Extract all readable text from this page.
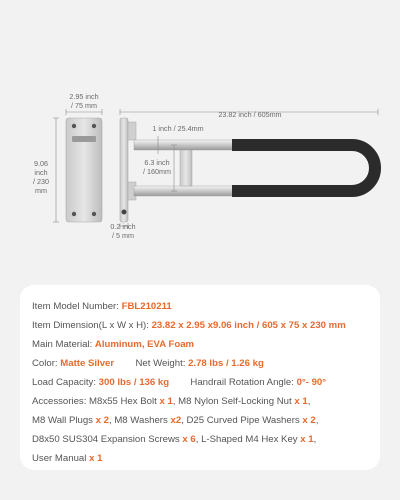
2.95 inch
/ 75 mm
9.06 inch
/ 230 mm
23.82 inch / 605mm
1 inch / 25.4mm
6.3 inch
/ 160mm
0.2 inch
/ 5 mm
Item Model Number: FBL210211
Item Dimension(L x W x H): 23.82 x 2.95 x9.06 inch / 605 x 75 x 230 mm
Main Material: Aluminum, EVA Foam
Color: Matte Silver Net Weight: 2.78 lbs / 1.26 kg
Load Capacity: 300 lbs / 136 kg Handrail Rotation Angle: 0°- 90°
Accessories: M8x55 Hex Bolt x 1, M8 Nylon Self-Locking Nut x 1,
M8 Wall Plugs x 2, M8 Washers x2, D25 Curved Pipe Washers x 2,
D8x50 SUS304 Expansion Screws x 6, L-Shaped M4 Hex Key x 1,
User Manual x 1
